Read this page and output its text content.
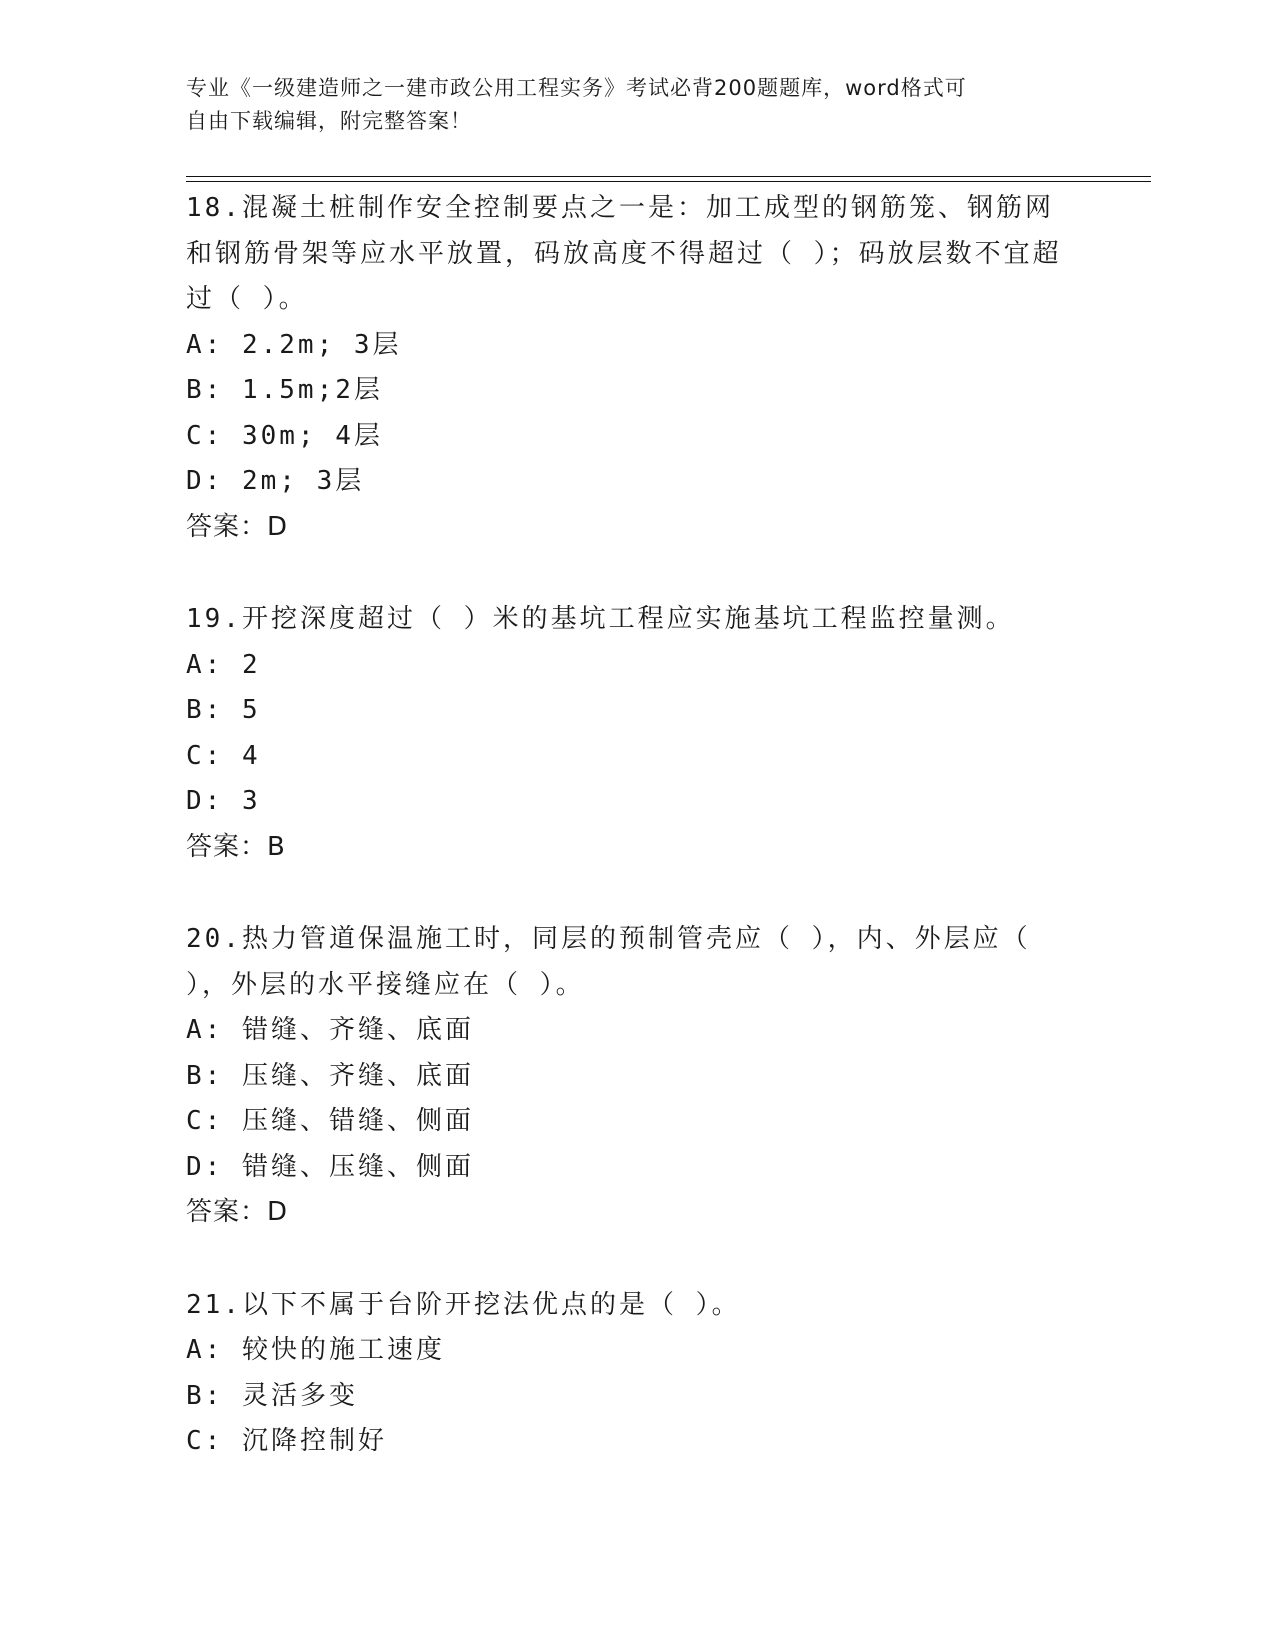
专业《一级建造师之一建市政公用工程实务》考试必背200题题库，word格式可
自由下载编辑，附完整答案！
18.混凝土桩制作安全控制要点之一是：加工成型的钢筋笼、钢筋网和钢筋骨架等应水平放置，码放高度不得超过（ ）；码放层数不宜超过（ ）。
A: 2.2m; 3层
B: 1.5m;2层
C: 30m; 4层
D: 2m; 3层
答案：D
19.开挖深度超过（ ）米的基坑工程应实施基坑工程监控量测。
A: 2
B: 5
C: 4
D: 3
答案：B
20.热力管道保温施工时，同层的预制管壳应（ ），内、外层应（ ），外层的水平接缝应在（ ）。
A: 错缝、齐缝、底面
B: 压缝、齐缝、底面
C: 压缝、错缝、侧面
D: 错缝、压缝、侧面
答案：D
21.以下不属于台阶开挖法优点的是（ ）。
A: 较快的施工速度
B: 灵活多变
C: 沉降控制好
